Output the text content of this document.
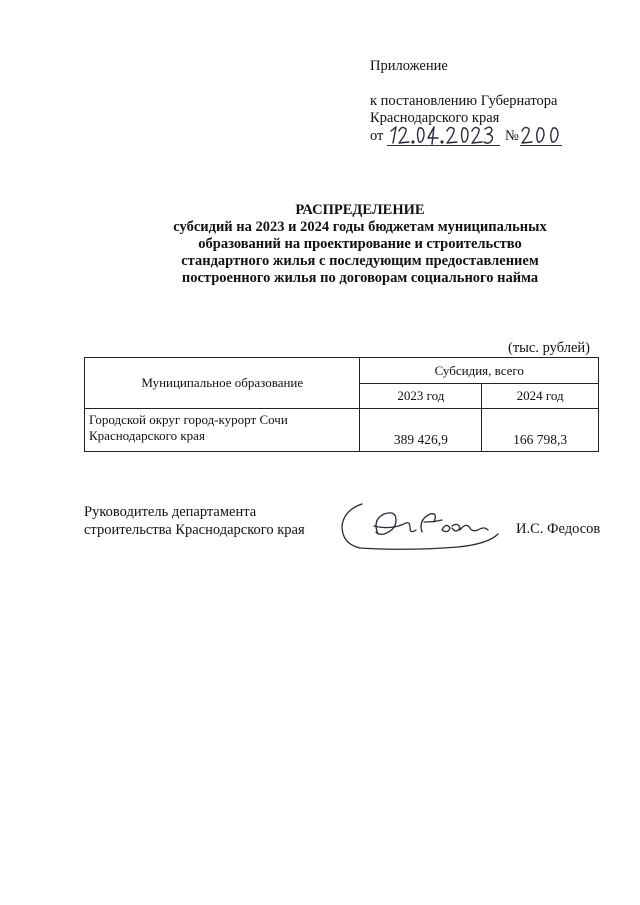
Приложение
к постановлению Губернатора
Краснодарского края
от	№
РАСПРЕДЕЛЕНИЕ
субсидий на 2023 и 2024 годы бюджетам муниципальных
образований на проектирование и строительство
стандартного жилья с последующим предоставлением
построенного жилья по договорам социального найма
(тыс. рублей)
Муниципальное образование	Субсидия, всего	
	2023 год	2024 год

Городской округ город-курорт Сочи
Краснодарского края	389 426,9	166 798,3
Руководитель департамента
строительства Краснодарского края	И.С. Федосов
